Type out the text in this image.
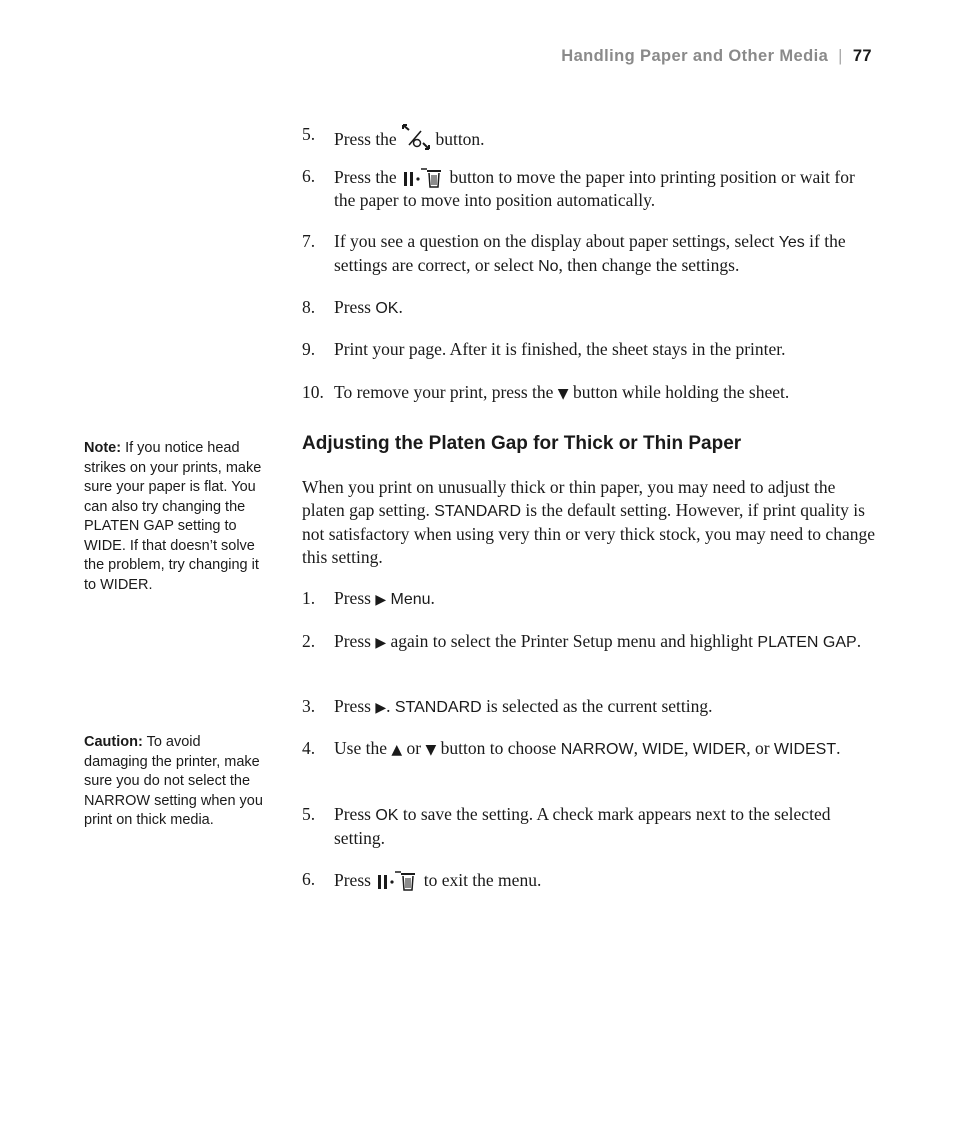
Handling Paper and Other Media | 77
5. Press the button.
6. Press the	button to move the paper into printing position or wait for the paper to move into position automatically.
7. If you see a question on the display about paper settings, select Yes if the settings are correct, or select No, then change the settings.
8. Press OK.
9. Print your page. After it is finished, the sheet stays in the printer.
10. To remove your print, press the ▼ button while holding the sheet.
Adjusting the Platen Gap for Thick or Thin Paper

When you print on unusually thick or thin paper, you may need to adjust the platen gap setting. STANDARD is the default setting. However, if print quality is not satisfactory when using very thin or very thick stock, you may need to change this setting.

1. Press ▶ Menu.
2. Press ▶ again to select the Printer Setup menu and highlight PLATEN GAP.
3. Press ▶. STANDARD is selected as the current setting.
4. Use the ▲ or ▼ button to choose NARROW, WIDE, WIDER, or WIDEST.
5. Press OK to save the setting. A check mark appears next to the selected setting.
6. Press	to exit the menu.
Note: If you notice head strikes on your prints, make sure your paper is flat. You can also try changing the PLATEN GAP setting to WIDE. If that doesn’t solve the problem, try changing it to WIDER.
Caution: To avoid damaging the printer, make sure you do not select the NARROW setting when you print on thick media.
